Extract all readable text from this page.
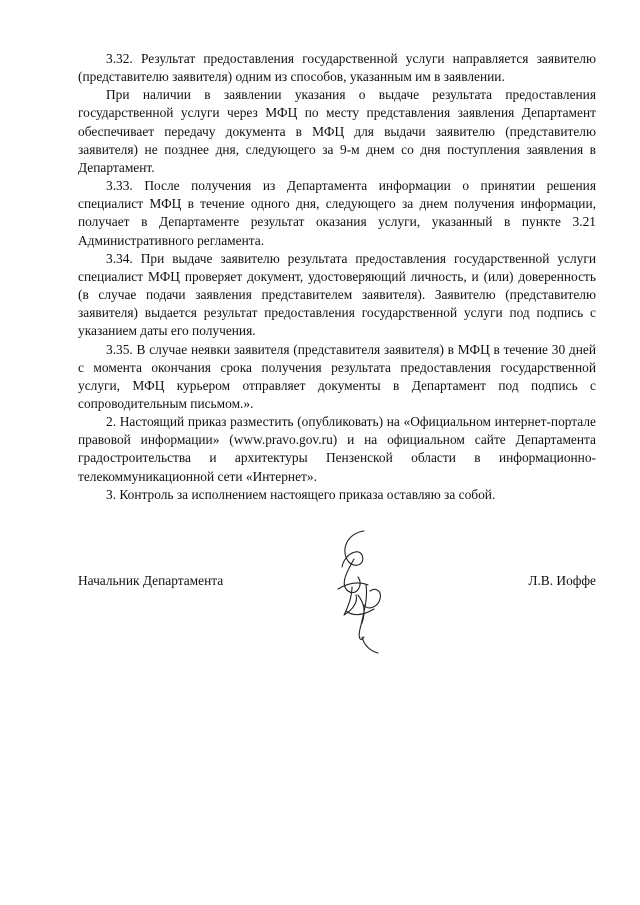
3.32. Результат предоставления государственной услуги направляется заявителю (представителю заявителя) одним из способов, указанным им в заявлении.

При наличии в заявлении указания о выдаче результата предоставления государственной услуги через МФЦ по месту представления заявления Департамент обеспечивает передачу документа в МФЦ для выдачи заявителю (представителю заявителя) не позднее дня, следующего за 9-м днем со дня поступления заявления в Департамент.

3.33. После получения из Департамента информации о принятии решения специалист МФЦ в течение одного дня, следующего за днем получения информации, получает в Департаменте результат оказания услуги, указанный в пункте 3.21 Административного регламента.

3.34. При выдаче заявителю результата предоставления государственной услуги специалист МФЦ проверяет документ, удостоверяющий личность, и (или) доверенность (в случае подачи заявления представителем заявителя). Заявителю (представителю заявителя) выдается результат предоставления государственной услуги под подпись с указанием даты его получения.

3.35. В случае неявки заявителя (представителя заявителя) в МФЦ в течение 30 дней с момента окончания срока получения результата предоставления государственной услуги, МФЦ курьером отправляет документы в Департамент под подпись с сопроводительным письмом.».

2. Настоящий приказ разместить (опубликовать) на «Официальном интернет-портале правовой информации» (www.pravo.gov.ru) и на официальном сайте Департамента градостроительства и архитектуры Пензенской области в информационно-телекоммуникационной сети «Интернет».

3. Контроль за исполнением настоящего приказа оставляю за собой.

Начальник Департамента	Л.В. Иоффе
